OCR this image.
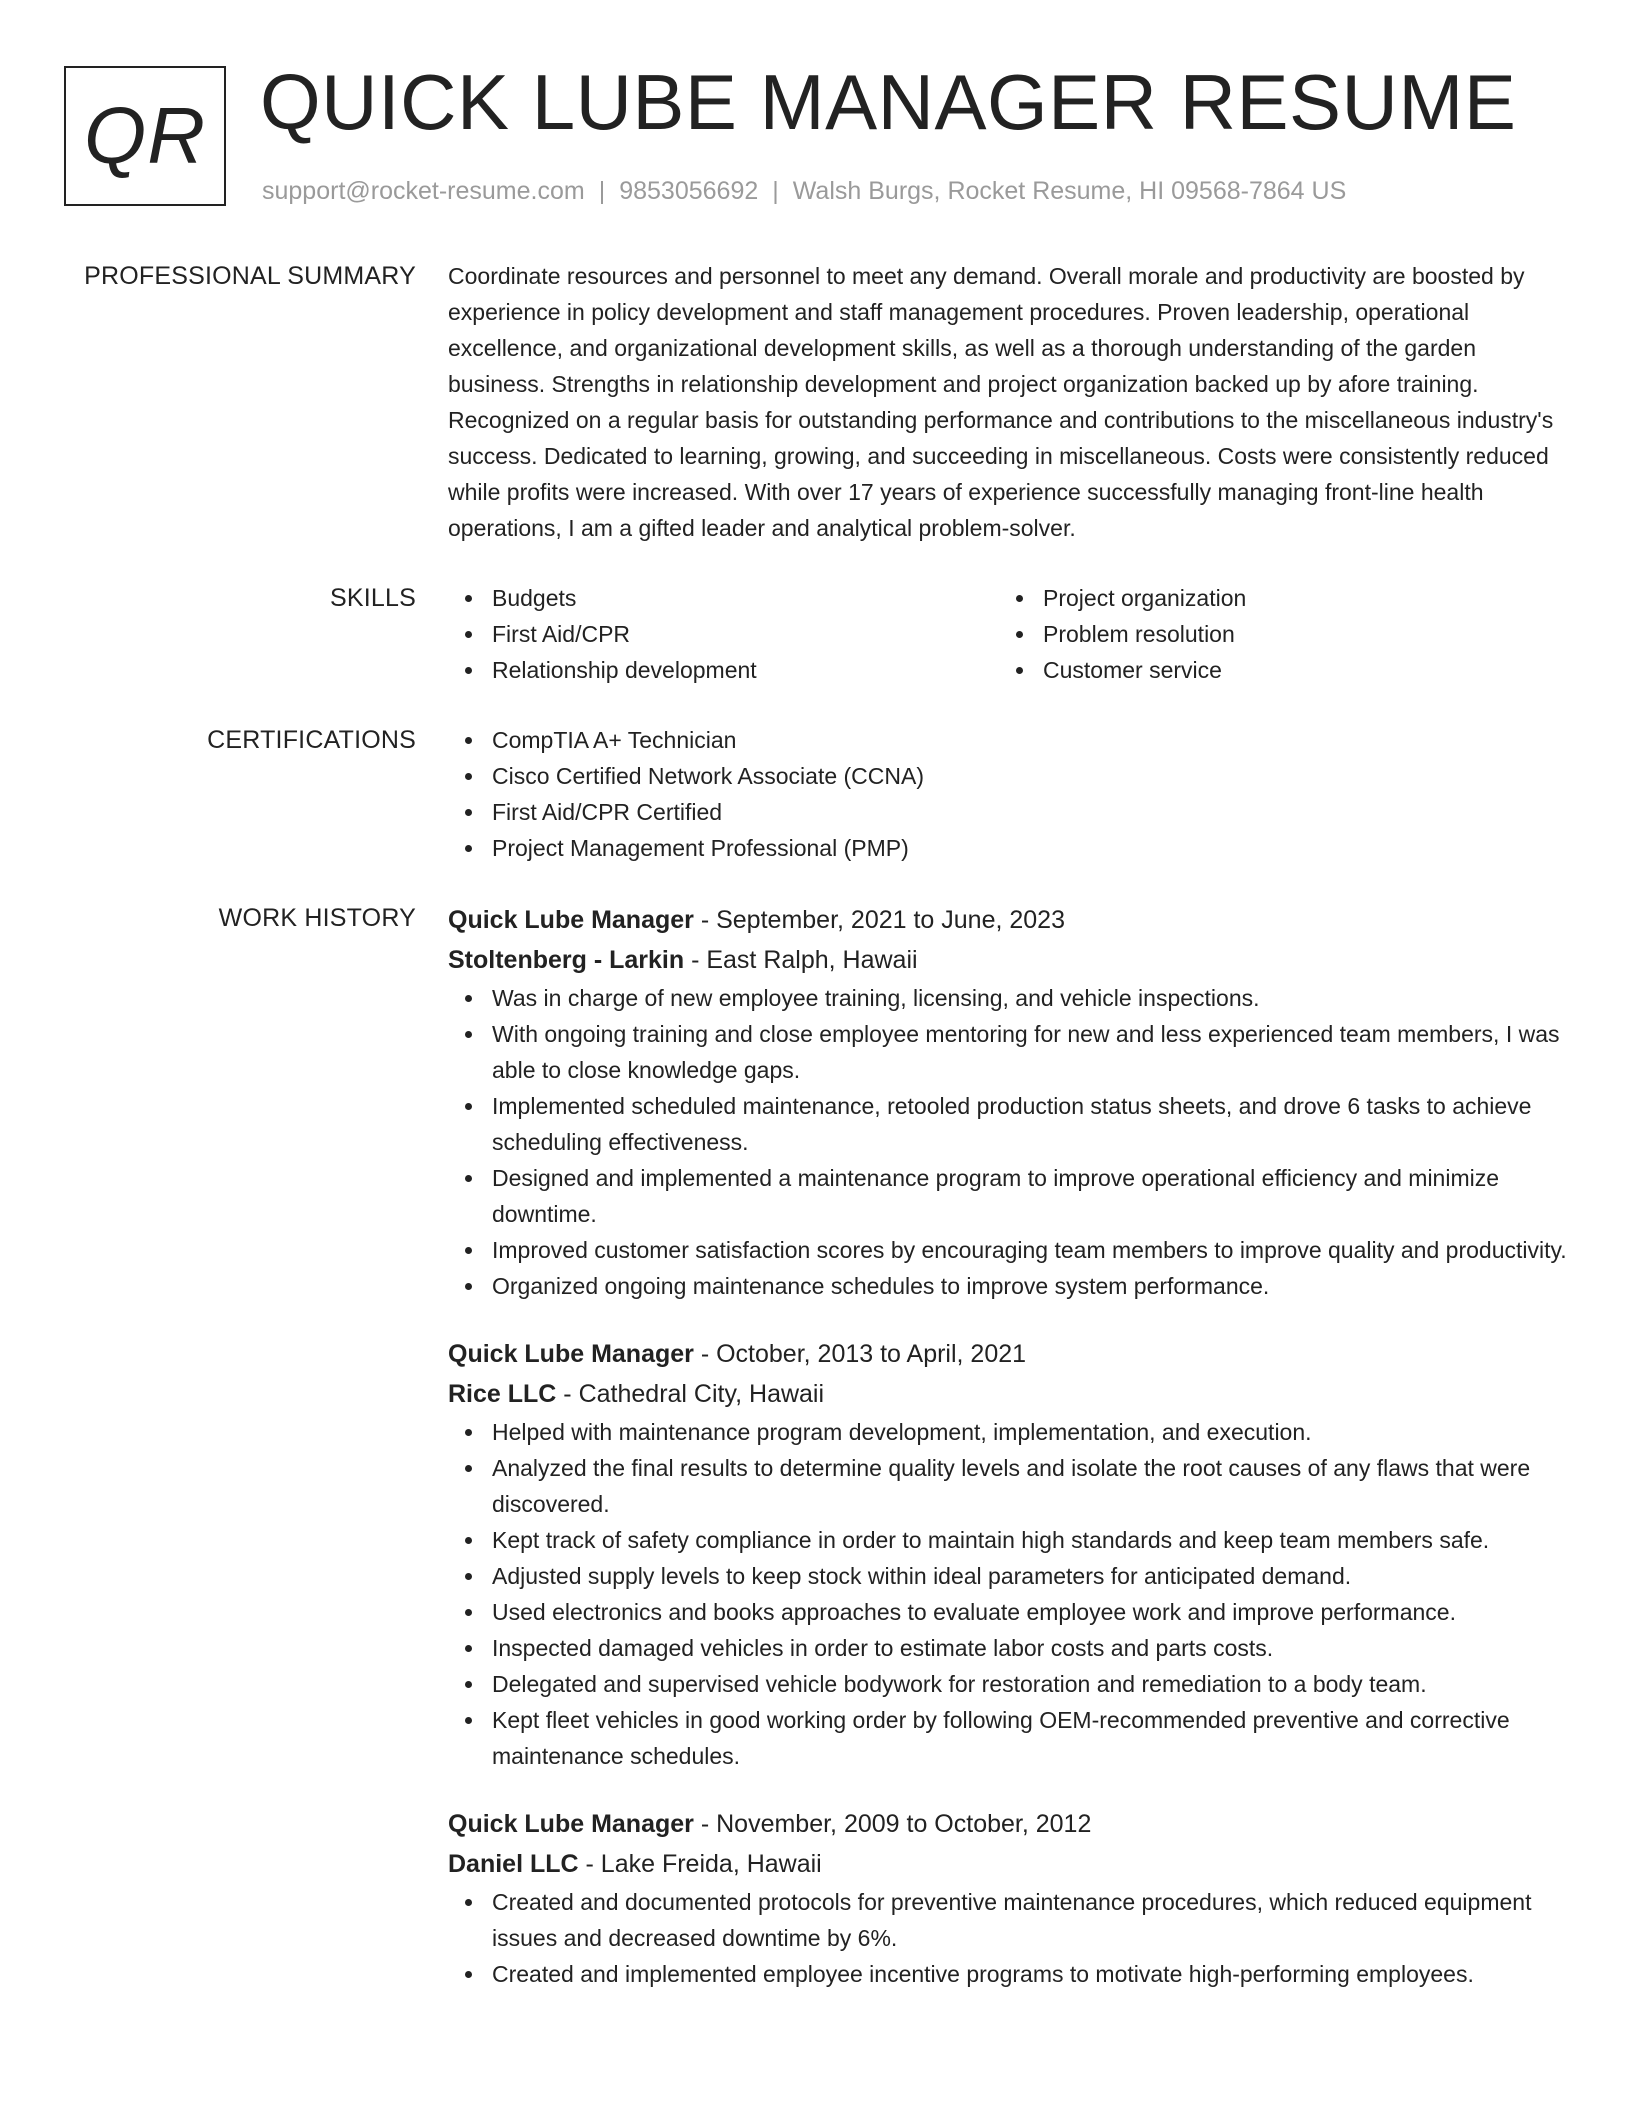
QR QUICK LUBE MANAGER RESUME
support@rocket-resume.com | 9853056692 | Walsh Burgs, Rocket Resume, HI 09568-7864 US
PROFESSIONAL SUMMARY Coordinate resources and personnel to meet any demand. Overall morale and productivity are boosted by experience in policy development and staff management procedures. Proven leadership, operational excellence, and organizational development skills, as well as a thorough understanding of the garden business. Strengths in relationship development and project organization backed up by afore training. Recognized on a regular basis for outstanding performance and contributions to the miscellaneous industry's success. Dedicated to learning, growing, and succeeding in miscellaneous. Costs were consistently reduced while profits were increased. With over 17 years of experience successfully managing front-line health operations, I am a gifted leader and analytical problem-solver.

SKILLS	Budgets
First Aid/CPR
Relationship development
Project organization
Problem resolution
Customer service
CERTIFICATIONS	CompTIA A+ Technician
Cisco Certified Network Associate (CCNA)
First Aid/CPR Certified
Project Management Professional (PMP)
WORK HISTORY Quick Lube Manager - September, 2021 to June, 2023
Stoltenberg - Larkin - East Ralph, Hawaii
Was in charge of new employee training, licensing, and vehicle inspections.
With ongoing training and close employee mentoring for new and less experienced team members, I was able to close knowledge gaps.
Implemented scheduled maintenance, retooled production status sheets, and drove 6 tasks to achieve scheduling effectiveness.
Designed and implemented a maintenance program to improve operational efficiency and minimize downtime.
Improved customer satisfaction scores by encouraging team members to improve quality and productivity.
Organized ongoing maintenance schedules to improve system performance.
Quick Lube Manager - October, 2013 to April, 2021
Rice LLC - Cathedral City, Hawaii
Helped with maintenance program development, implementation, and execution.
Analyzed the final results to determine quality levels and isolate the root causes of any flaws that were discovered.
Kept track of safety compliance in order to maintain high standards and keep team members safe.
Adjusted supply levels to keep stock within ideal parameters for anticipated demand.
Used electronics and books approaches to evaluate employee work and improve performance.
Inspected damaged vehicles in order to estimate labor costs and parts costs.
Delegated and supervised vehicle bodywork for restoration and remediation to a body team.
Kept fleet vehicles in good working order by following OEM-recommended preventive and corrective maintenance schedules.
Quick Lube Manager - November, 2009 to October, 2012
Daniel LLC - Lake Freida, Hawaii
Created and documented protocols for preventive maintenance procedures, which reduced equipment issues and decreased downtime by 6%.
Created and implemented employee incentive programs to motivate high-performing employees.
